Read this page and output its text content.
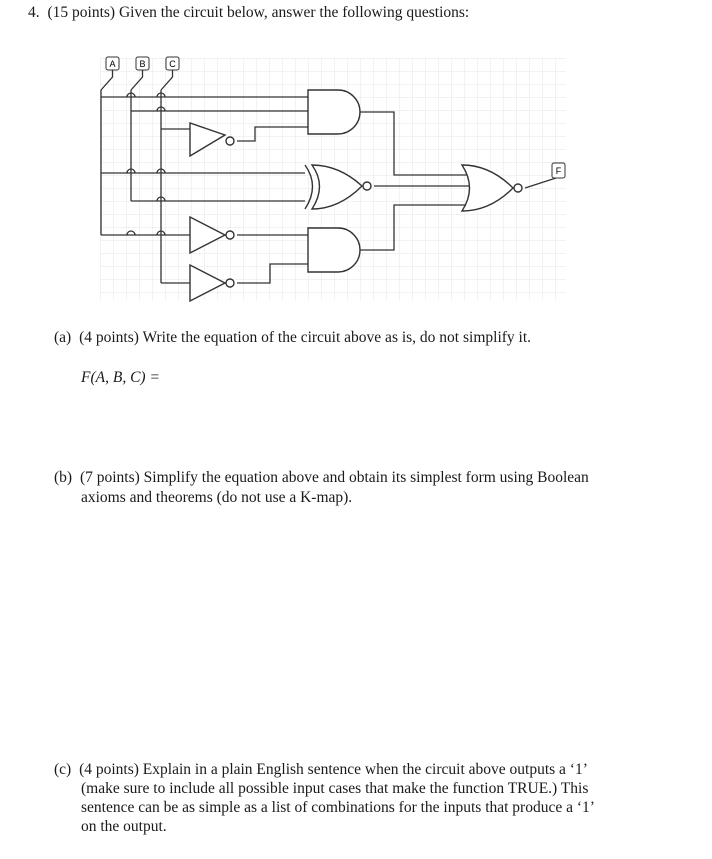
4. (15 points) Given the circuit below, answer the following questions:
A	B	C
F
(a) (4 points) Write the equation of the circuit above as is, do not simplify it.
F(A, B, C) =
(b) (7 points) Simplify the equation above and obtain its simplest form using Boolean
axioms and theorems (do not use a K-map).
(c) (4 points) Explain in a plain English sentence when the circuit above outputs a ‘1’
(make sure to include all possible input cases that make the function TRUE.) This
sentence can be as simple as a list of combinations for the inputs that produce a ‘1’
on the output.
